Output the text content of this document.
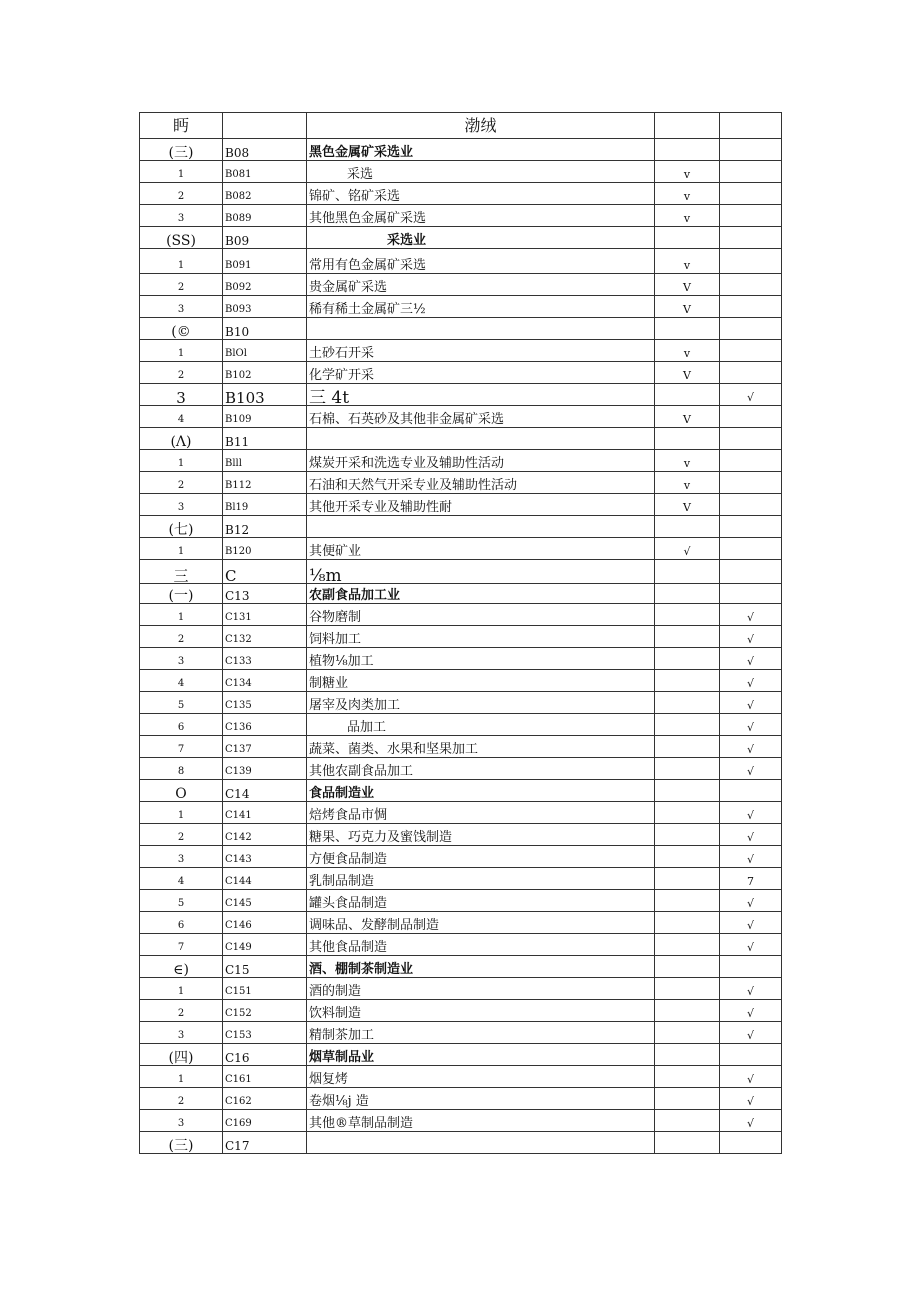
眄		渤绒		
(三)	B08	黑色金属矿采选业		
1	B081	采选	v	
2	B082	锦矿、铭矿采选	v	
3	B089	其他黑色金属矿采选	v	
(SS)	B09	采选业		
1	B091	常用有色金属矿采选	v	
2	B092	贵金属矿采选	V	
3	B093	稀有稀土金属矿三½	V	
(©	B10			
1	BlOl	土砂石开采	v	
2	B102	化学矿开采	V	
3	B103	三 4t		√
4	B109	石棉、石英砂及其他非金属矿采选	V	
(Λ)	B11			
1	Blll	煤炭开采和洗选专业及辅助性活动	v	
2	B112	石油和天然气开采专业及辅助性活动	v	
3	Bl19	其他开采专业及辅助性耐	V	
(七)	B12			
1	B120	其便矿业	√	
三	C	⅛m		
(一)	C13	农副食品加工业		
1	C131	谷物磨制		√
2	C132	饲料加工		√
3	C133	植物⅛加工		√
4	C134	制糖业		√
5	C135	屠宰及肉类加工		√
6	C136	品加工		√
7	C137	蔬菜、菌类、水果和坚果加工		√
8	C139	其他农副食品加工		√
O	C14	食品制造业		
1	C141	焙烤食品市惆		√
2	C142	糖果、巧克力及蜜饯制造		√
3	C143	方便食品制造		√
4	C144	乳制品制造		7
5	C145	罐头食品制造		√
6	C146	调味品、发酵制品制造		√
7	C149	其他食品制造		√
∈)	C15	酒、棚制茶制造业		
1	C151	酒的制造		√
2	C152	饮料制造		√
3	C153	精制茶加工		√
(四)	C16	烟草制品业		
1	C161	烟复烤		√
2	C162	卷烟⅛j 造		√
3	C169	其他®草制品制造		√
(三)	C17			
